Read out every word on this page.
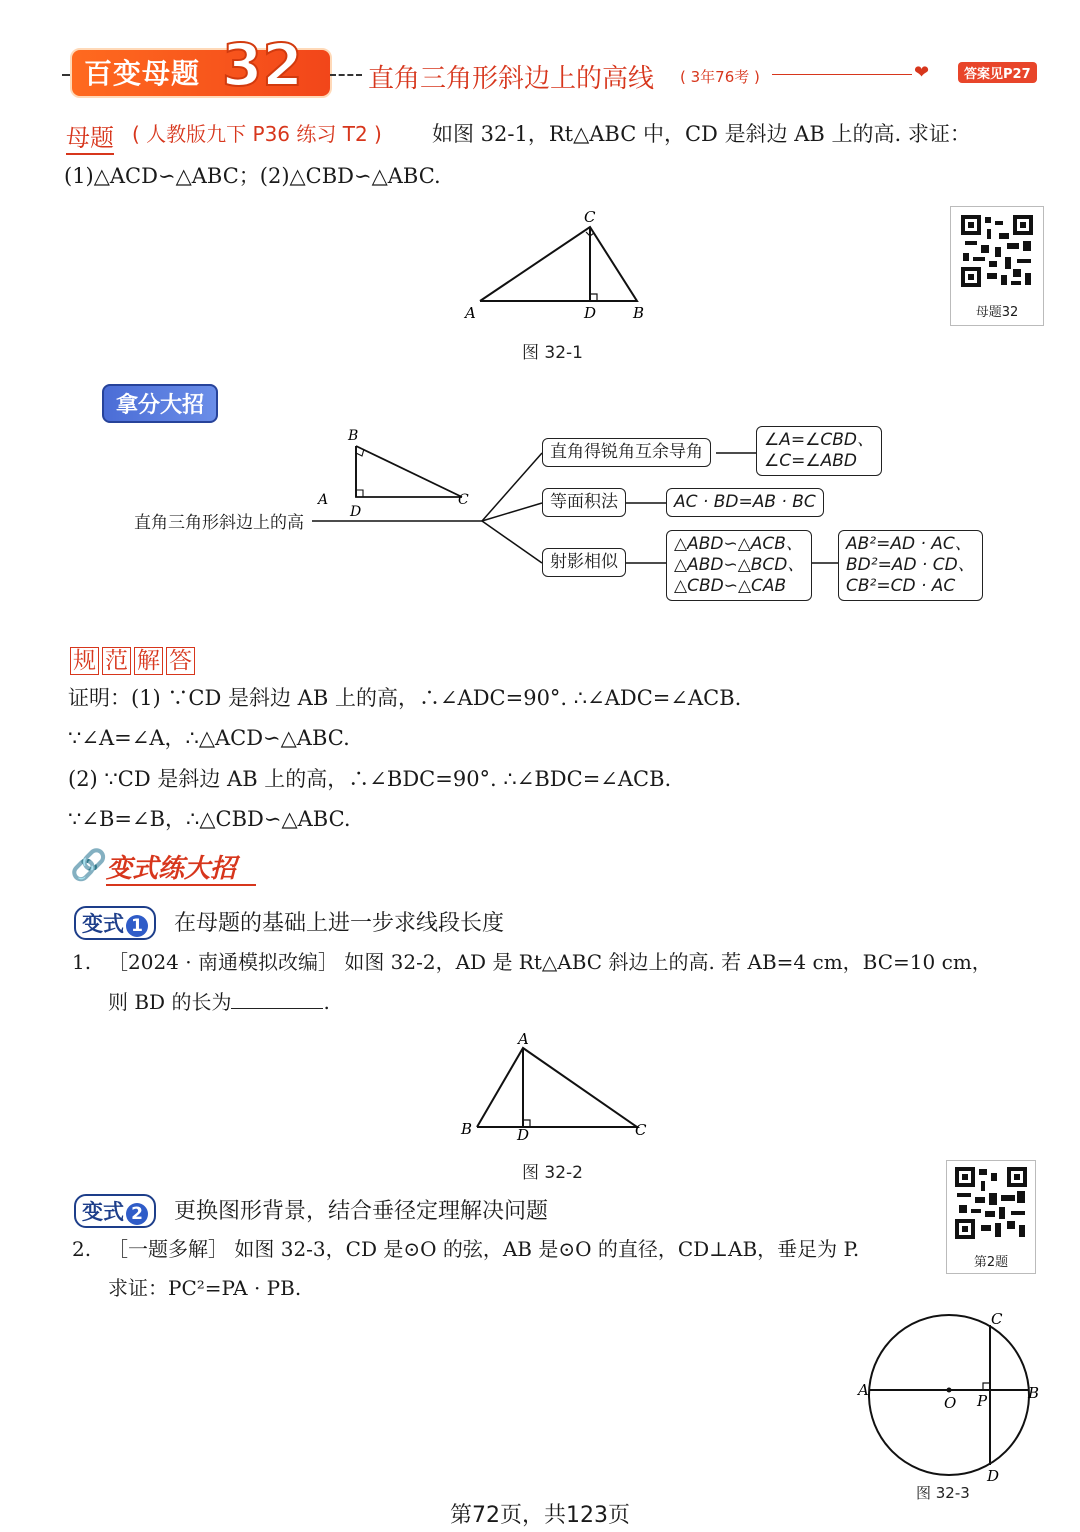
百变母题 32	直角三角形斜边上的高线 ( 3年76考 )	❤	答案见P27
母题 ( 人教版九下 P36 练习 T2 ) 如图 32-1，Rt△ABC 中，CD 是斜边 AB 上的高. 求证：
(1)△ACD∽△ABC；(2)△CBD∽△ABC.
A
C
D B
图 32-1
母题32
拿分大招
B
A
D
C
直角三角形斜边上的高
直角得锐角互余导角
∠A=∠CBD、
∠C=∠ABD
等面积法	AC · BD=AB · BC
射影相似
△ABD∽△ACB、
△ABD∽△BCD、
△CBD∽△CAB
AB²=AD · AC、
BD²=AD · CD、
CB²=CD · AC
规 范 解 答
证明：(1) ∵CD 是斜边 AB 上的高，∴∠ADC=90°. ∴∠ADC=∠ACB.
∵∠A=∠A，∴△ACD∽△ABC.
(2) ∵CD 是斜边 AB 上的高，∴∠BDC=90°. ∴∠BDC=∠ACB.
∵∠B=∠B，∴△CBD∽△ABC.
🔗
变式练大招
变式 1	在母题的基础上进一步求线段长度
1. ［2024 · 南通模拟改编］ 如图 32-2，AD 是 Rt△ABC 斜边上的高. 若 AB=4 cm，BC=10 cm，
则 BD 的长为	.
A
B	D	C
图 32-2
第2题
变式 2	更换图形背景，结合垂径定理解决问题
2. ［一题多解］ 如图 32-3，CD 是⊙O 的弦，AB 是⊙O 的直径，CD⊥AB，垂足为 P.
求证：PC²=PA · PB.
C
A
O P	B
D
图 32-3
第72页，共123页
